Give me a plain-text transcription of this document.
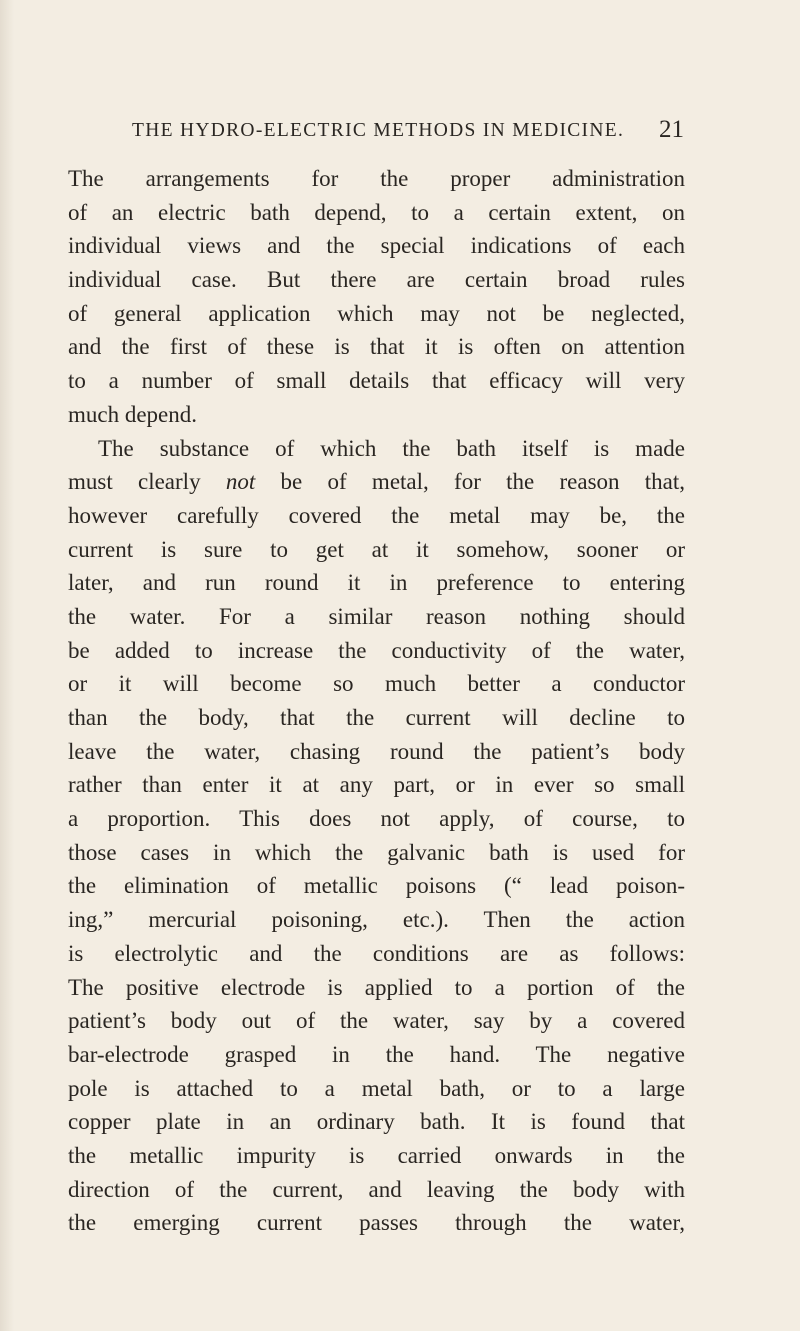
THE HYDRO-ELECTRIC METHODS IN MEDICINE. 21
The arrangements for the proper administration
of an electric bath depend, to a certain extent, on
individual views and the special indications of each
individual case. But there are certain broad rules
of general application which may not be neglected,
and the first of these is that it is often on attention
to a number of small details that efficacy will very
much depend.
The substance of which the bath itself is made
must clearly not be of metal, for the reason that,
however carefully covered the metal may be, the
current is sure to get at it somehow, sooner or
later, and run round it in preference to entering
the water. For a similar reason nothing should
be added to increase the conductivity of the water,
or it will become so much better a conductor
than the body, that the current will decline to
leave the water, chasing round the patient’s body
rather than enter it at any part, or in ever so small
a proportion. This does not apply, of course, to
those cases in which the galvanic bath is used for
the elimination of metallic poisons (“ lead poison-
ing,” mercurial poisoning, etc.). Then the action
is electrolytic and the conditions are as follows:
The positive electrode is applied to a portion of the
patient’s body out of the water, say by a covered
bar-electrode grasped in the hand. The negative
pole is attached to a metal bath, or to a large
copper plate in an ordinary bath. It is found that
the metallic impurity is carried onwards in the
direction of the current, and leaving the body with
the emerging current passes through the water,
